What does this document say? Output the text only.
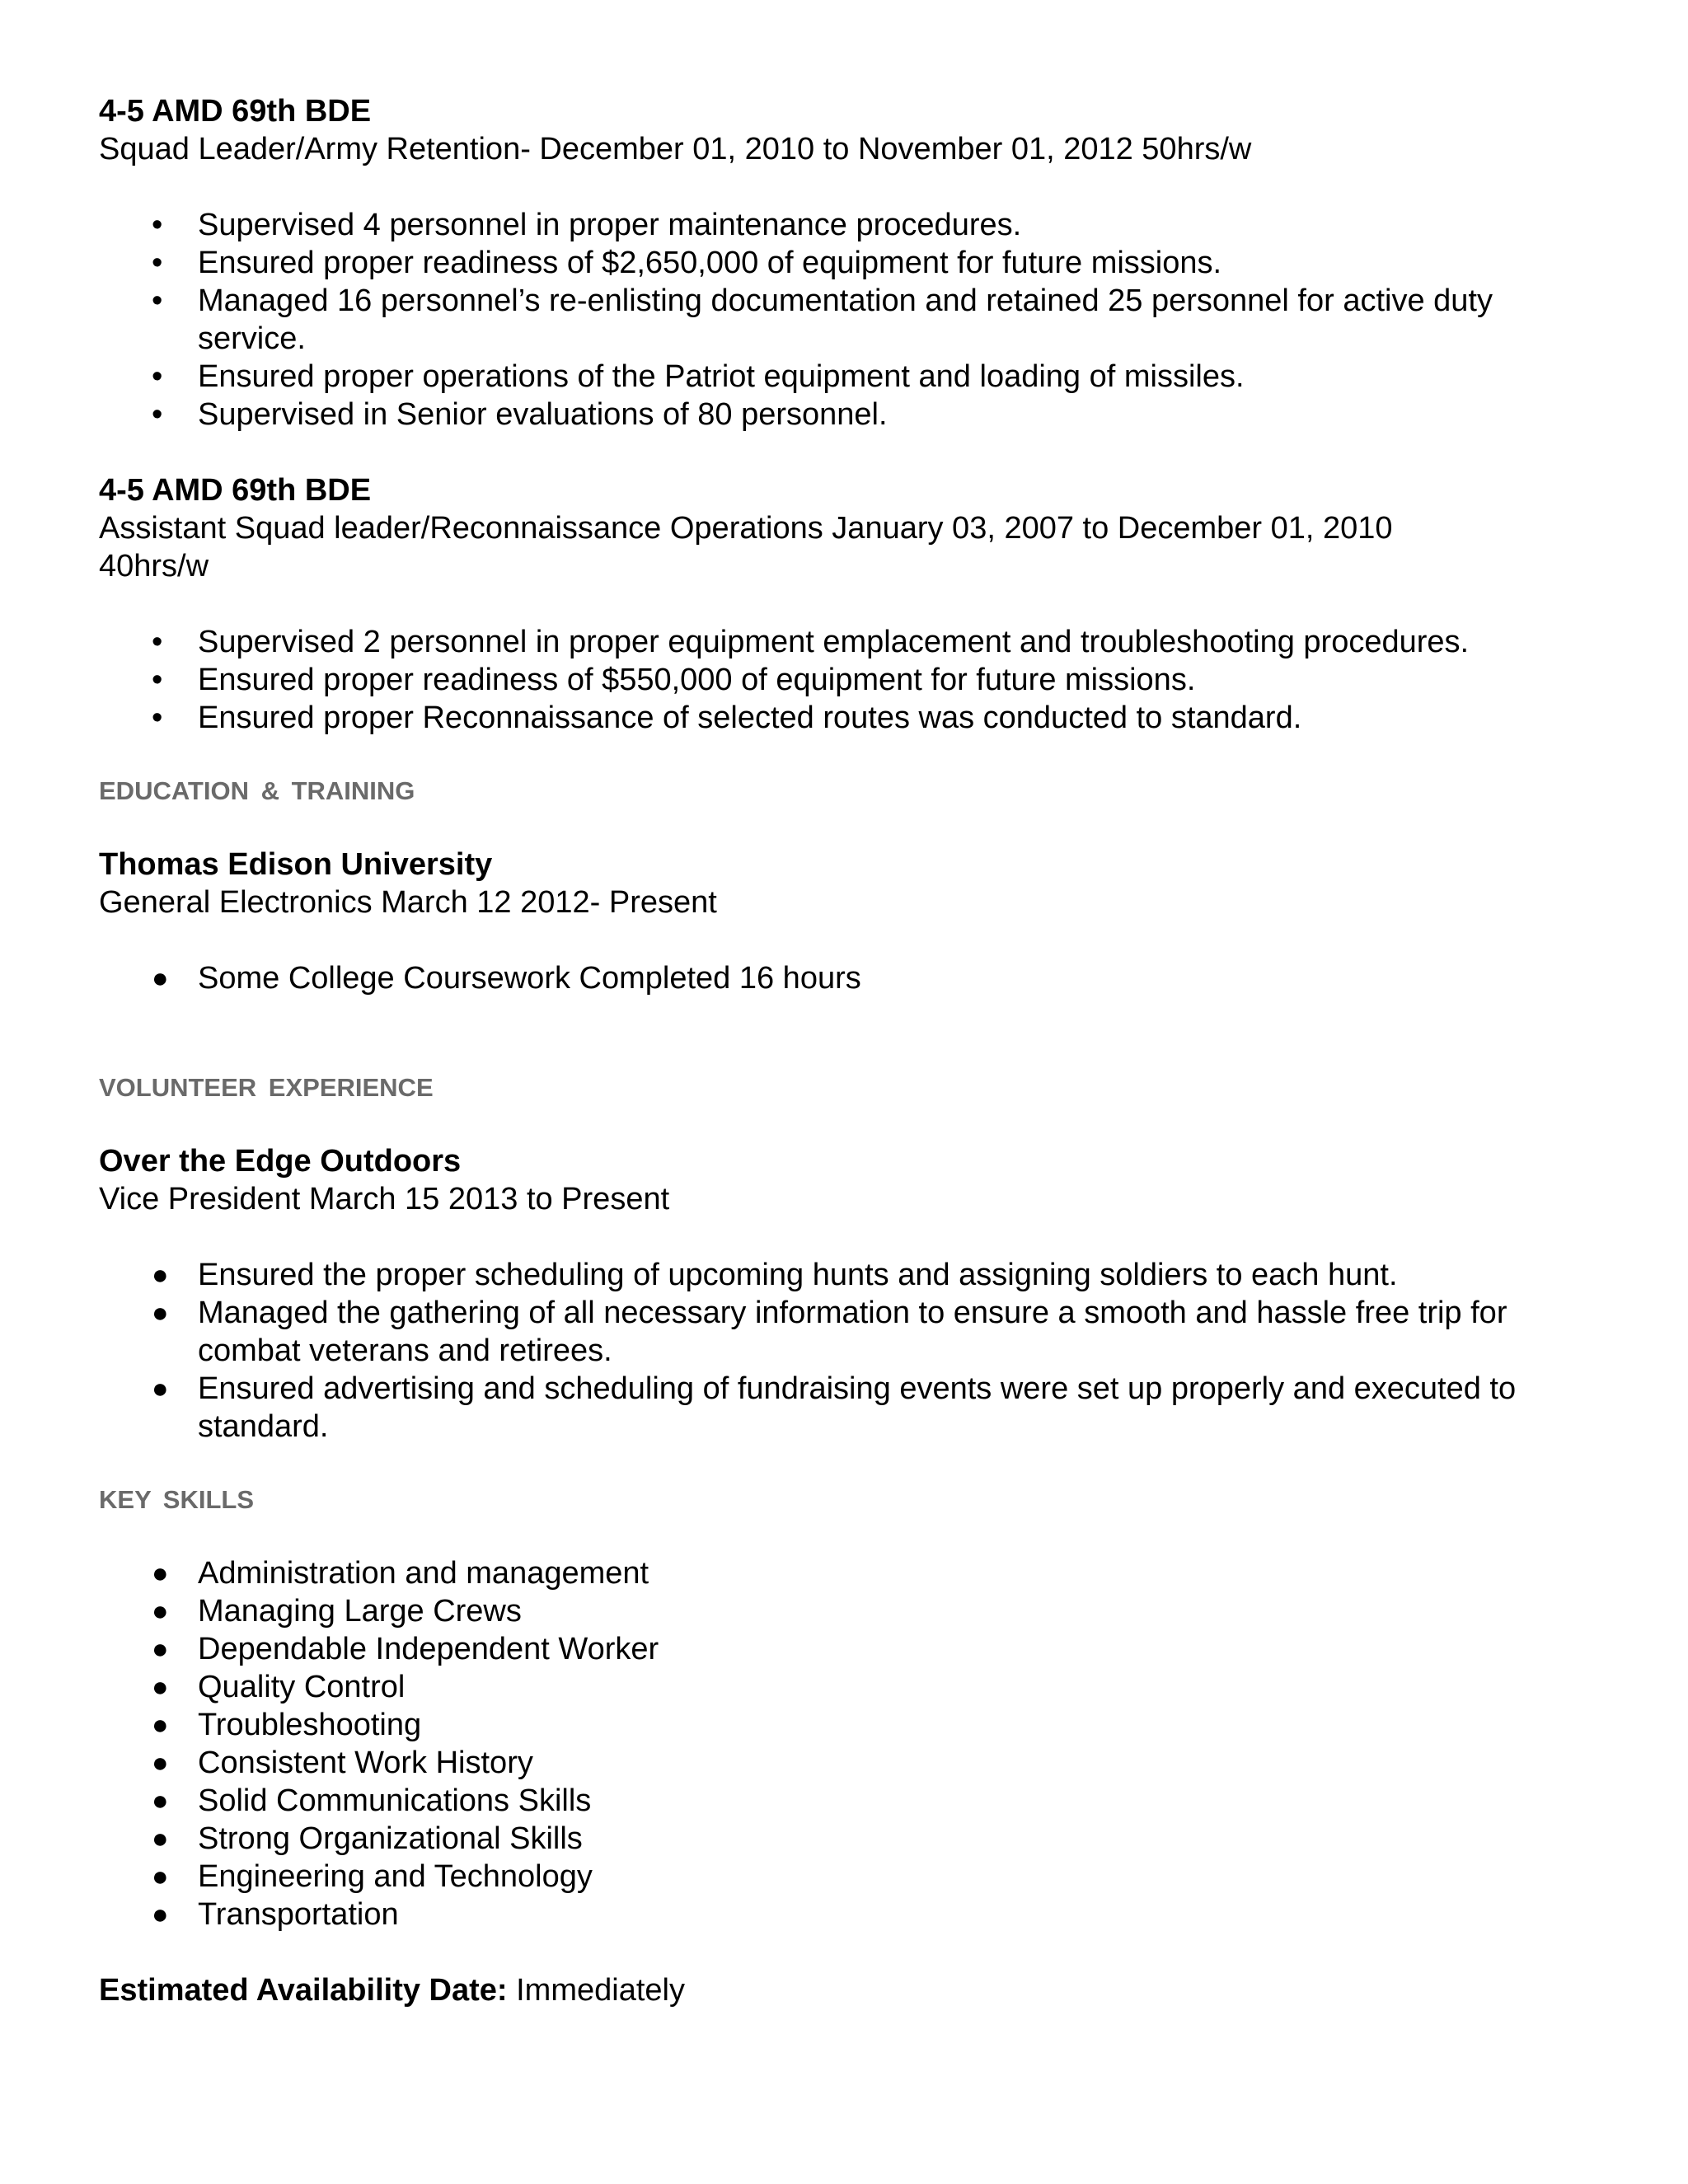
4-5 AMD 69th BDE

Squad Leader/Army Retention- December 01, 2010 to November 01, 2012 50hrs/w

•	Supervised 4 personnel in proper maintenance procedures.
•	Ensured proper readiness of $2,650,000 of equipment for future missions.
•	Managed 16 personnel’s re-enlisting documentation and retained 25 personnel for active duty service.
•	Ensured proper operations of the Patriot equipment and loading of missiles.
•	Supervised in Senior evaluations of 80 personnel.

4-5 AMD 69th BDE

Assistant Squad leader/Reconnaissance Operations January 03, 2007 to December 01, 2010 40hrs/w

•	Supervised 2 personnel in proper equipment emplacement and troubleshooting procedures.
•	Ensured proper readiness of $550,000 of equipment for future missions.
•	Ensured proper Reconnaissance of selected routes was conducted to standard.

EDUCATION & TRAINING

Thomas Edison University

General Electronics March 12 2012- Present

● Some College Coursework Completed 16 hours

VOLUNTEER EXPERIENCE

Over the Edge Outdoors

Vice President March 15 2013 to Present

● Ensured the proper scheduling of upcoming hunts and assigning soldiers to each hunt.
● Managed the gathering of all necessary information to ensure a smooth and hassle free trip for combat veterans and retirees.
● Ensured advertising and scheduling of fundraising events were set up properly and executed to standard.

KEY SKILLS

● Administration and management
● Managing Large Crews
● Dependable Independent Worker
● Quality Control
● Troubleshooting
● Consistent Work History
● Solid Communications Skills
● Strong Organizational Skills
● Engineering and Technology
● Transportation

Estimated Availability Date: Immediately
